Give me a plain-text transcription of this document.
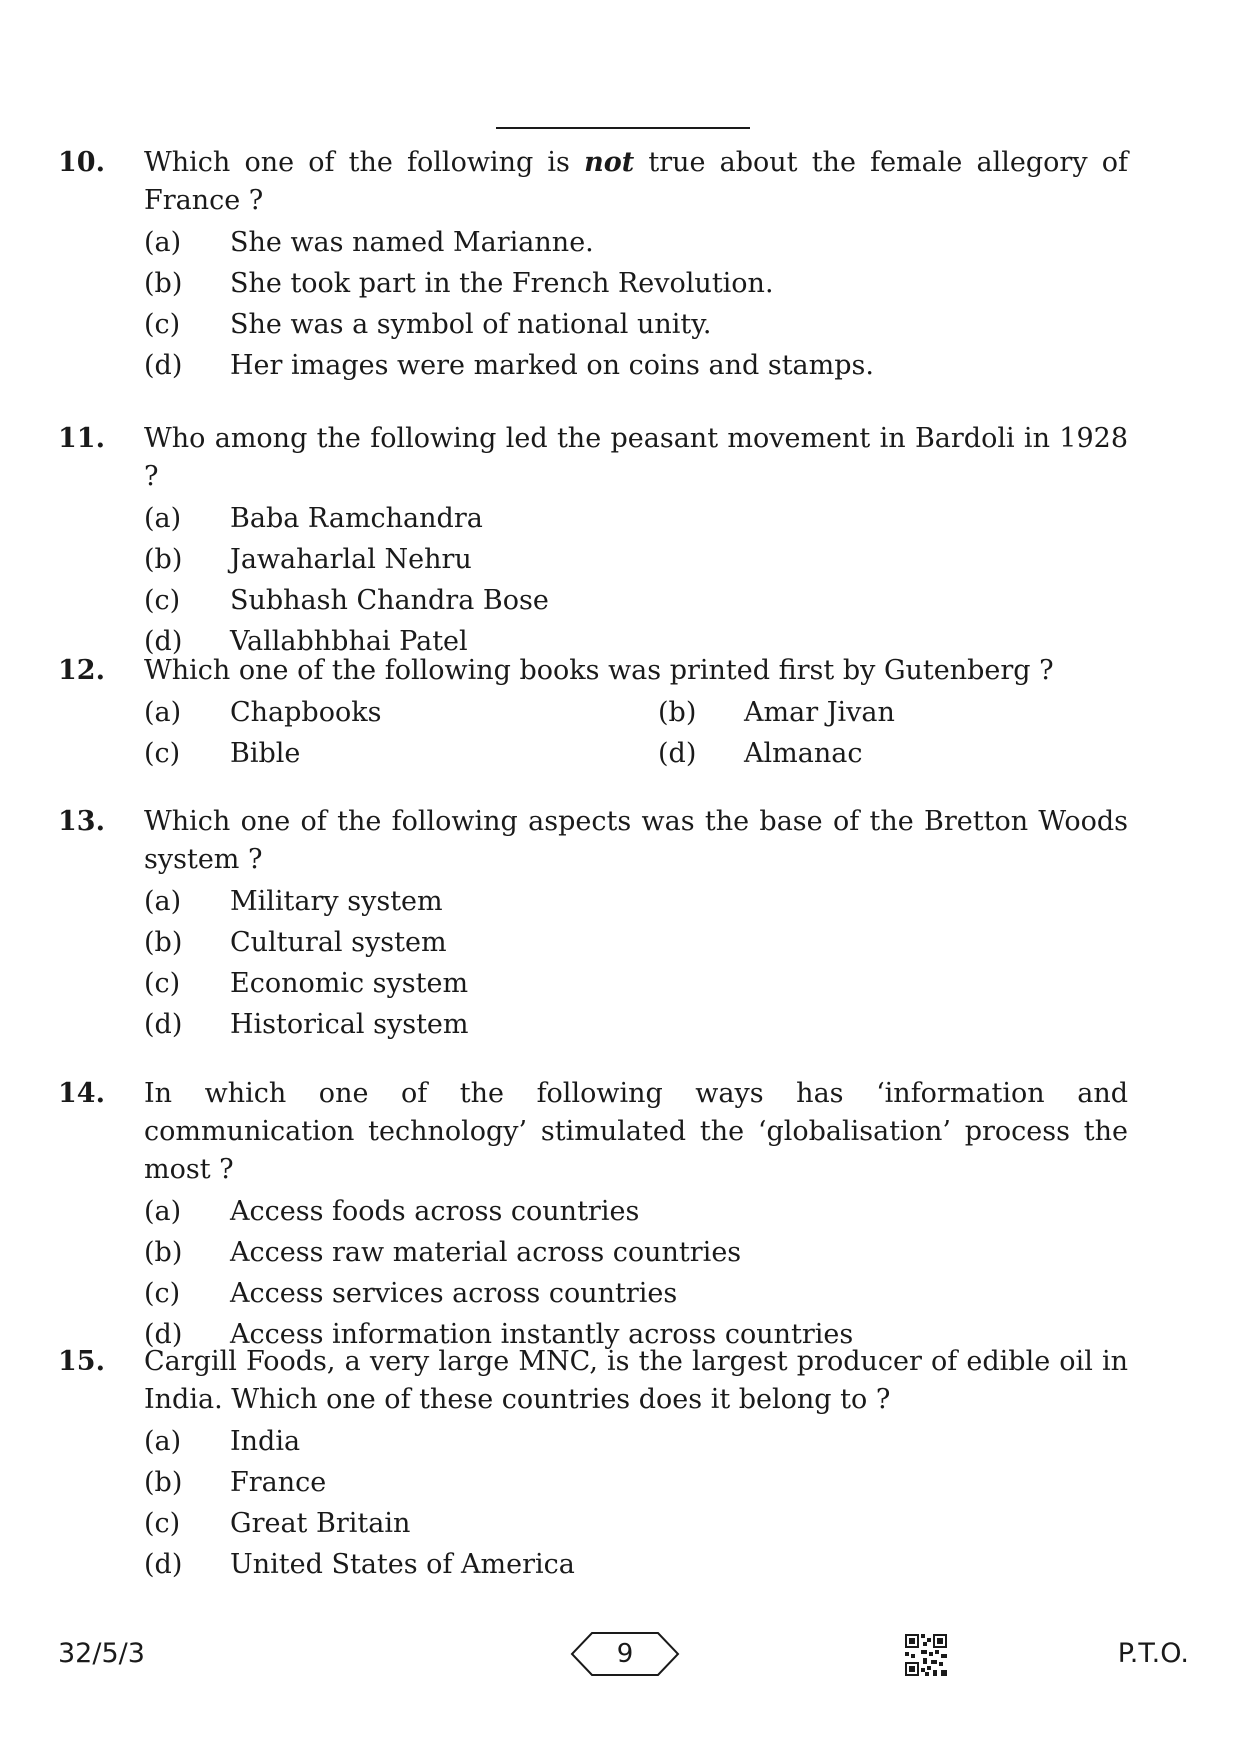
10.	Which one of the following is not true about the female allegory of France ?
(a)	She was named Marianne.
(b)	She took part in the French Revolution.
(c)	She was a symbol of national unity.
(d)	Her images were marked on coins and stamps.
11.	Who among the following led the peasant movement in Bardoli in 1928 ?
(a)	Baba Ramchandra
(b)	Jawaharlal Nehru
(c)	Subhash Chandra Bose
(d)	Vallabhbhai Patel
12.	Which one of the following books was printed first by Gutenberg ?
(a)	Chapbooks	(b)	Amar Jivan
(c)	Bible	(d)	Almanac
13.	Which one of the following aspects was the base of the Bretton Woods system ?
(a)	Military system
(b)	Cultural system
(c)	Economic system
(d)	Historical system
14.	In which one of the following ways has ‘information and communication technology’ stimulated the ‘globalisation’ process the most ?
(a)	Access foods across countries
(b)	Access raw material across countries
(c)	Access services across countries
(d)	Access information instantly across countries
15.	Cargill Foods, a very large MNC, is the largest producer of edible oil in India. Which one of these countries does it belong to ?
(a)	India
(b)	France
(c)	Great Britain
(d)	United States of America
32/5/3	9	P.T.O.
